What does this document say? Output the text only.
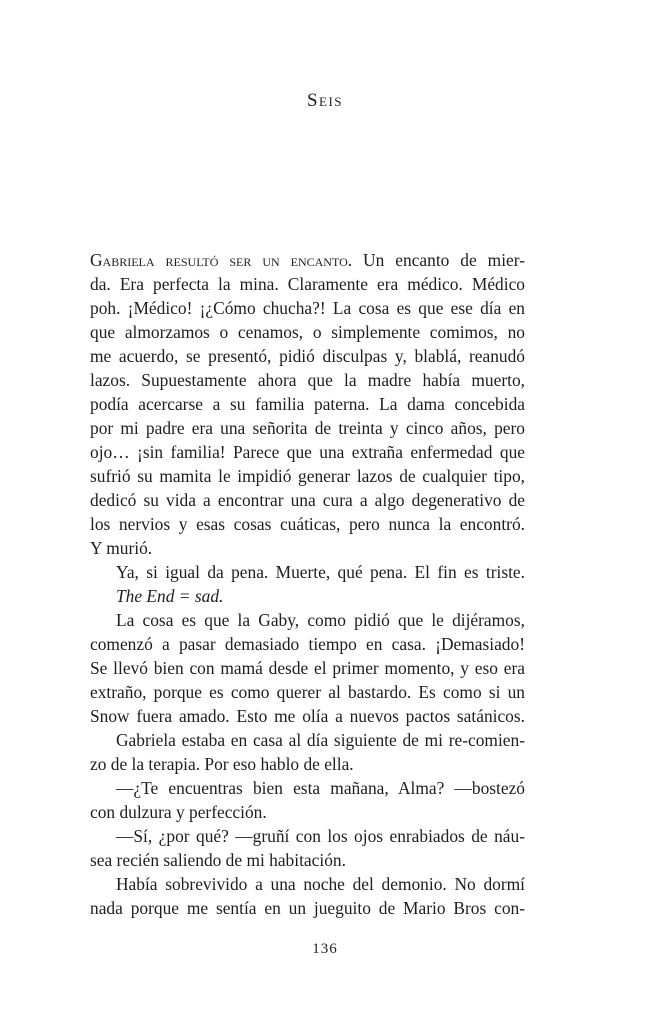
Seis
Gabriela resultó ser un encanto. Un encanto de mier-
da. Era perfecta la mina. Claramente era médico. Médico
poh. ¡Médico! ¡¿Cómo chucha?! La cosa es que ese día en
que almorzamos o cenamos, o simplemente comimos, no
me acuerdo, se presentó, pidió disculpas y, blablá, reanudó
lazos. Supuestamente ahora que la madre había muerto,
podía acercarse a su familia paterna. La dama concebida
por mi padre era una señorita de treinta y cinco años, pero
ojo… ¡sin familia! Parece que una extraña enfermedad que
sufrió su mamita le impidió generar lazos de cualquier tipo,
dedicó su vida a encontrar una cura a algo degenerativo de
los nervios y esas cosas cuáticas, pero nunca la encontró.
Y murió.
Ya, si igual da pena. Muerte, qué pena. El fin es triste.
The End = sad.
La cosa es que la Gaby, como pidió que le dijéramos,
comenzó a pasar demasiado tiempo en casa. ¡Demasiado!
Se llevó bien con mamá desde el primer momento, y eso era
extraño, porque es como querer al bastardo. Es como si un
Snow fuera amado. Esto me olía a nuevos pactos satánicos.
Gabriela estaba en casa al día siguiente de mi re-comien-
zo de la terapia. Por eso hablo de ella.
—¿Te encuentras bien esta mañana, Alma? —bostezó
con dulzura y perfección.
—Sí, ¿por qué? —gruñí con los ojos enrabiados de náu-
sea recién saliendo de mi habitación.
Había sobrevivido a una noche del demonio. No dormí
nada porque me sentía en un jueguito de Mario Bros con-
136
